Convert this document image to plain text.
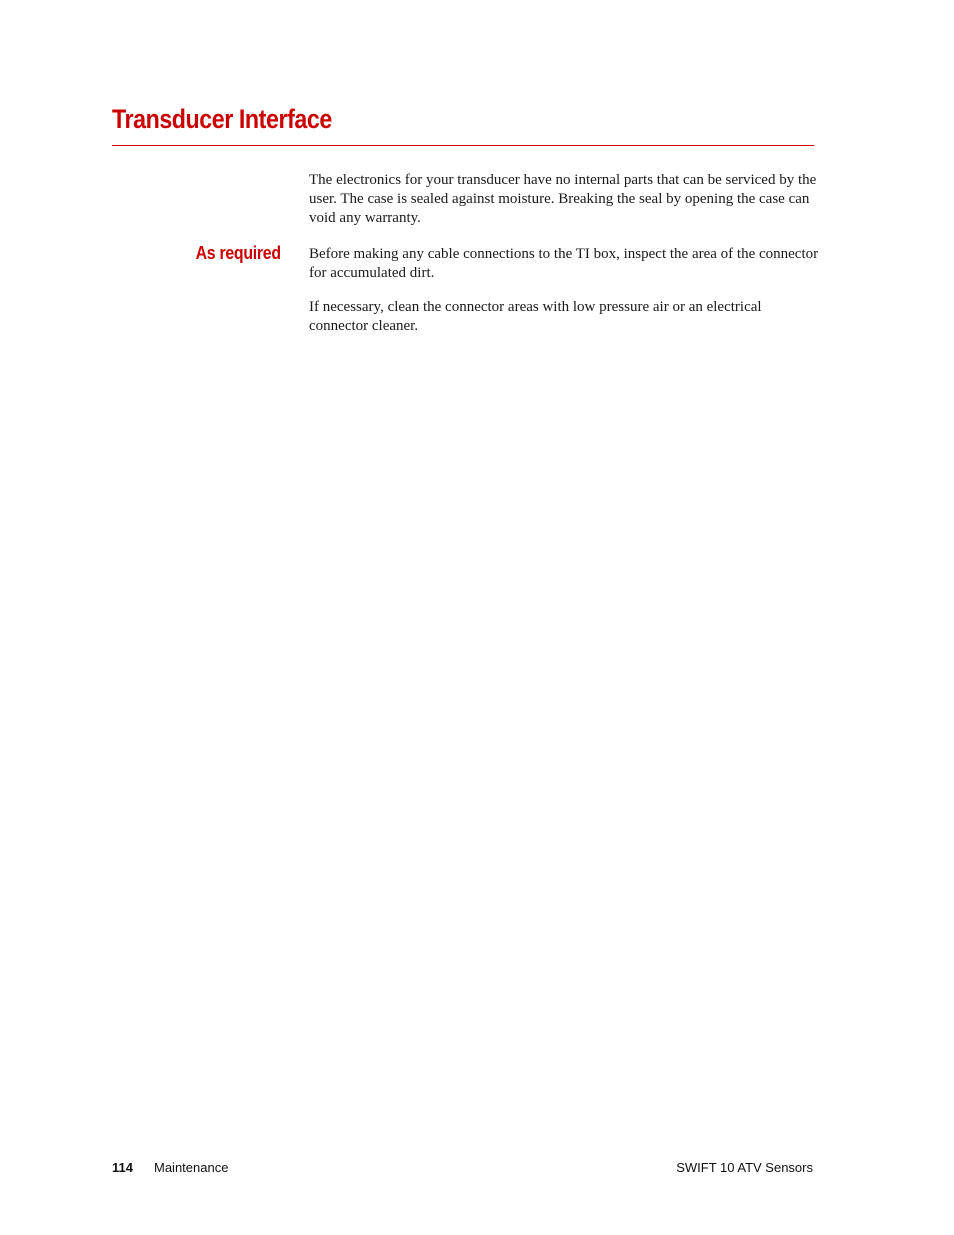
Transducer Interface

The electronics for your transducer have no internal parts that can be serviced by the user. The case is sealed against moisture. Breaking the seal by opening the case can void any warranty.

As required Before making any cable connections to the TI box, inspect the area of the connector for accumulated dirt.

If necessary, clean the connector areas with low pressure air or an electrical connector cleaner.

114 Maintenance	SWIFT 10 ATV Sensors
